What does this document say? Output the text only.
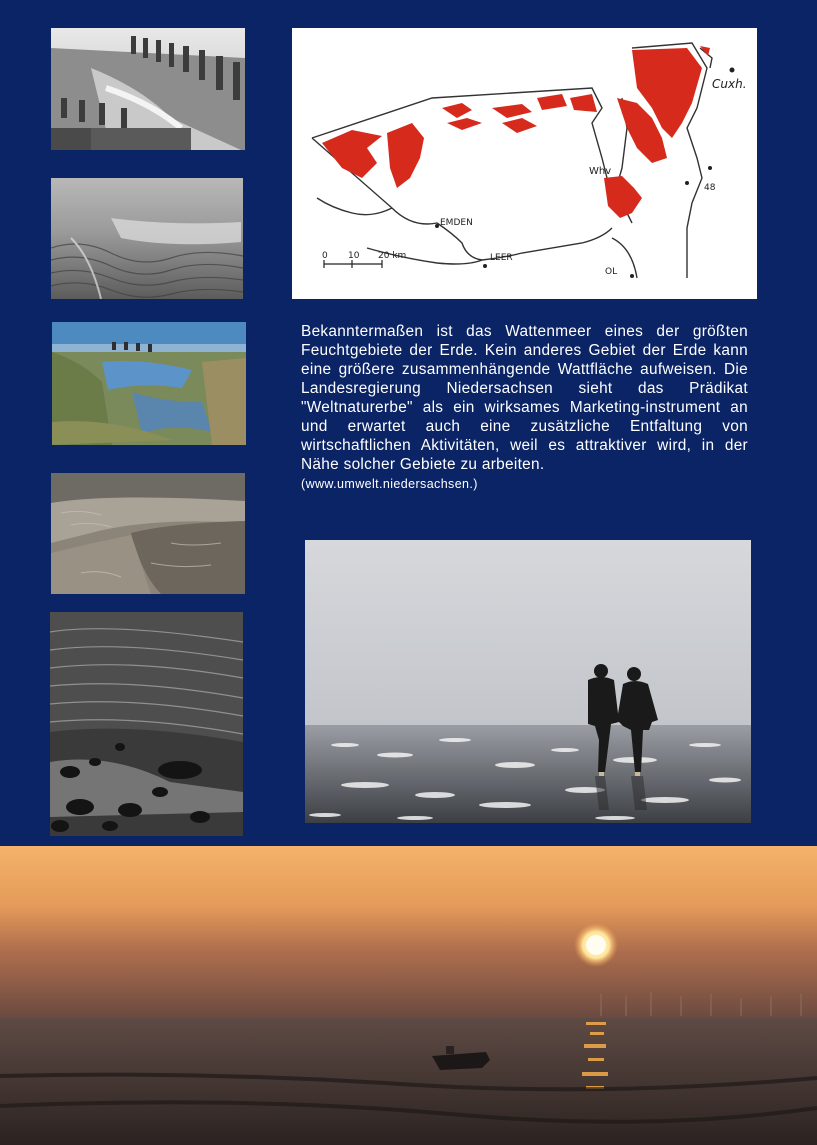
0 10 20 km
Cuxh.
Whv
EMDEN
LEER
OL
48

Bekanntermaßen ist das Wattenmeer eines der größten Feuchtgebiete der Erde. Kein anderes Gebiet der Erde kann eine größere zusammenhängende Wattfläche aufweisen. Die Landesregierung Niedersachsen sieht das Prädikat "Weltnaturerbe" als ein wirksames Marketing-instrument an und erwartet auch eine zusätzliche Entfaltung von wirtschaftlichen Aktivitäten, weil es attraktiver wird, in der Nähe solcher Gebiete zu arbeiten.

(www.umwelt.niedersachsen.)
